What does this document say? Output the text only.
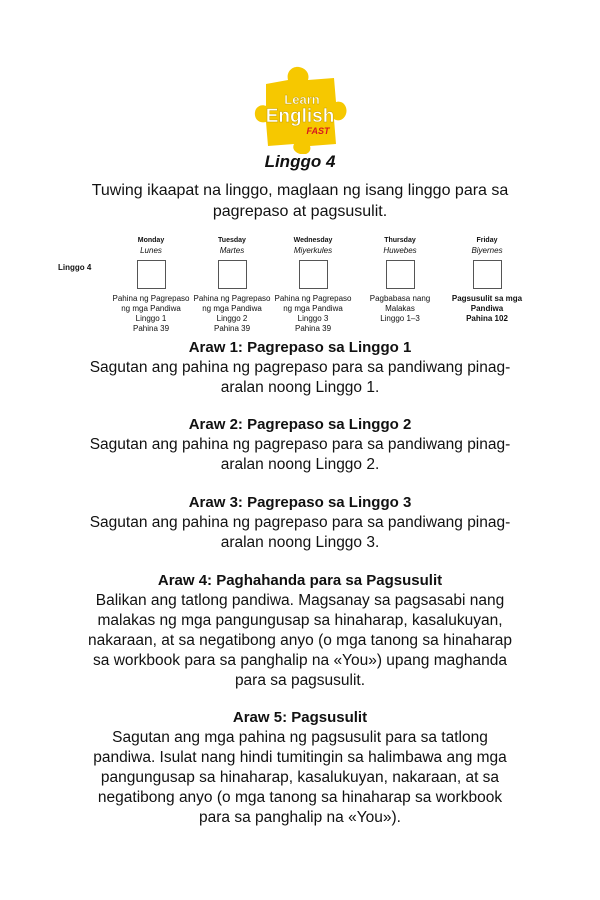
Learn
English
FAST
Linggo 4
Tuwing ikaapat na linggo, maglaan ng isang linggo para sa pagrepaso at pagsusulit.
Linggo 4
Monday
Lunes
Pahina ng Pagrepaso
ng mga Pandiwa
Linggo 1
Pahina 39
Tuesday
Martes
Pahina ng Pagrepaso
ng mga Pandiwa
Linggo 2
Pahina 39
Wednesday
Miyerkules
Pahina ng Pagrepaso
ng mga Pandiwa
Linggo 3
Pahina 39
Thursday
Huwebes
Pagbabasa nang
Malakas
Linggo 1–3
Friday
Biyernes
Pagsusulit sa mga
Pandiwa
Pahina 102
Araw 1: Pagrepaso sa Linggo 1

Sagutan ang pahina ng pagrepaso para sa pandiwang pinag-

aralan noong Linggo 1.

Araw 2: Pagrepaso sa Linggo 2

Sagutan ang pahina ng pagrepaso para sa pandiwang pinag-

aralan noong Linggo 2.

Araw 3: Pagrepaso sa Linggo 3

Sagutan ang pahina ng pagrepaso para sa pandiwang pinag-

aralan noong Linggo 3.

Araw 4: Paghahanda para sa Pagsusulit

Balikan ang tatlong pandiwa. Magsanay sa pagsasabi nang

malakas ng mga pangungusap sa hinaharap, kasalukuyan,

nakaraan, at sa negatibong anyo (o mga tanong sa hinaharap

sa workbook para sa panghalip na «You») upang maghanda

para sa pagsusulit.

Araw 5: Pagsusulit

Sagutan ang mga pahina ng pagsusulit para sa tatlong

pandiwa. Isulat nang hindi tumitingin sa halimbawa ang mga

pangungusap sa hinaharap, kasalukuyan, nakaraan, at sa

negatibong anyo (o mga tanong sa hinaharap sa workbook

para sa panghalip na «You»).
